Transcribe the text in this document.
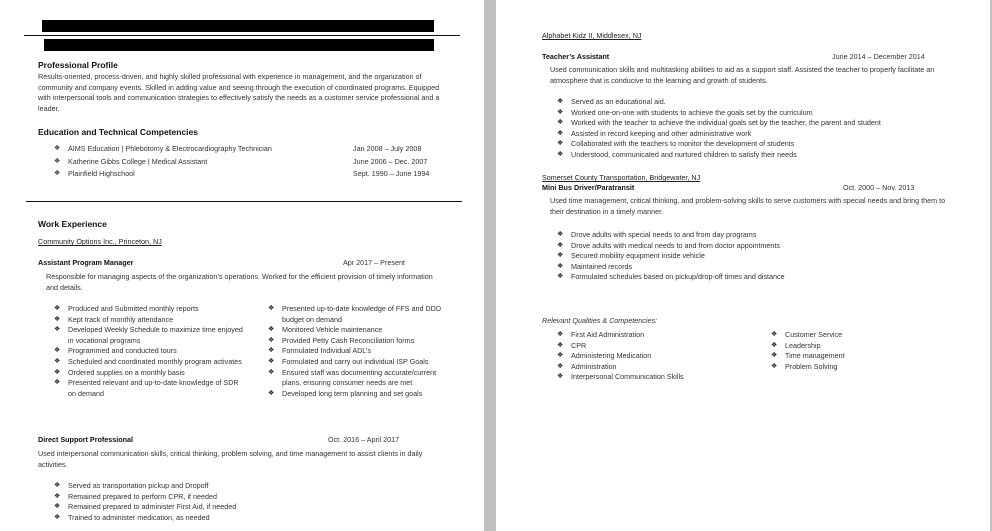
Professional Profile
Results-oriented, process-driven, and highly skilled professional with experience in management, and the organization of community and company events. Skilled in adding value and seeing through the execution of coordinated programs. Equipped with interpersonal tools and communication strategies to effectively satisfy the needs as a customer service professional and a leader.
Education and Technical Competencies
❖ AIMS Education | Phlebotomy & Electrocardiography Technician	Jan 2008 – July 2008
❖ Katherine Gibbs College | Medical Assistant	June 2006 – Dec. 2007
❖ Plainfield Highschool	Sept. 1990 – June 1994
Work Experience
Community Options Inc., Princeton, NJ
Assistant Program Manager	Apr 2017 – Present
Responsible for managing aspects of the organization’s operations. Worked for the efficient provision of timely information and details.
❖ Produced and Submitted monthly reports
❖ Kept track of monthly attendance
❖ Developed Weekly Schedule to maximize time enjoyed in vocational programs
❖ Programmed and conducted tours
❖ Scheduled and coordinated monthly program activates
❖ Ordered supplies on a monthly basis
❖ Presented relevant and up-to-date knowledge of SDR on demand
❖ Presented up-to-date knowledge of FFS and DDD budget on demand
❖ Monitored Vehicle maintenance
❖ Provided Petty Cash Reconciliation forms
❖ Formulated Individual ADL’s
❖ Formulated and carry out individual ISP Goals
❖ Ensured staff was documenting accurate/current plans, ensuring consumer needs are met
❖ Developed long term planning and set goals
Direct Support Professional	Oct. 2016 – April 2017
Used interpersonal communication skills, critical thinking, problem solving, and time management to assist clients in daily activities.
❖ Served as transportation pickup and Dropoff
❖ Remained prepared to perform CPR, if needed
❖ Remained prepared to administer First Aid, if needed
❖ Trained to administer medication, as needed
Alphabet Kidz II, Middlesex, NJ
Teacher’s Assistant	June 2014 – December 2014
Used communication skills and multitasking abilities to aid as a support staff. Assisted the teacher to properly facilitate an atmosphere that is conducive to the learning and growth of students.
❖ Served as an educational aid.
❖ Worked one-on-one with students to achieve the goals set by the curriculum
❖ Worked with the teacher to achieve the individual goals set by the teacher, the parent and student
❖ Assisted in record keeping and other administrative work
❖ Collaborated with the teachers to monitor the development of students
❖ Understood, communicated and nurtured children to satisfy their needs
Somerset County Transportation, Bridgewater, NJ
Mini Bus Driver/Paratransit	Oct. 2000 – Nov. 2013
Used time management, critical thinking, and problem-solving skills to serve customers with special needs and bring them to their destination in a timely manner.
❖ Drove adults with special needs to and from day programs
❖ Drove adults with medical needs to and from doctor appointments
❖ Secured mobility equipment inside vehicle
❖ Maintained records
❖ Formulated schedules based on pickup/drop-off times and distance
Relevant Qualities & Competencies:
❖ First Aid Administration
❖ CPR
❖ Administering Medication
❖ Administration
❖ Interpersonal Communication Skills
❖ Customer Service
❖ Leadership
❖ Time management
❖ Problem Solving
